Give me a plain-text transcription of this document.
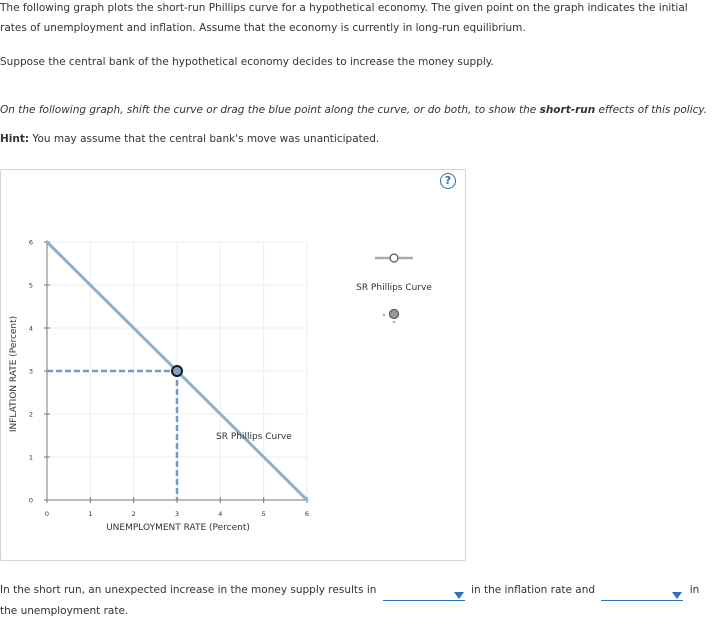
The following graph plots the short-run Phillips curve for a hypothetical economy. The given point on the graph indicates the initial rates of unemployment and inflation. Assume that the economy is currently in long-run equilibrium.

Suppose the central bank of the hypothetical economy decides to increase the money supply.

On the following graph, shift the curve or drag the blue point along the curve, or do both, to show the short-run effects of this policy.

Hint: You may assume that the central bank's move was unanticipated.

?
INFLATION RATE (Percent)
0	1	2	3	4	5	6
0
1
2
3
4
5
6
UNEMPLOYMENT RATE (Percent)
SR Phillips Curve
SR Phillips Curve
In the short run, an unexpected increase in the money supply results in	in the inflation rate and	in the unemployment rate.
